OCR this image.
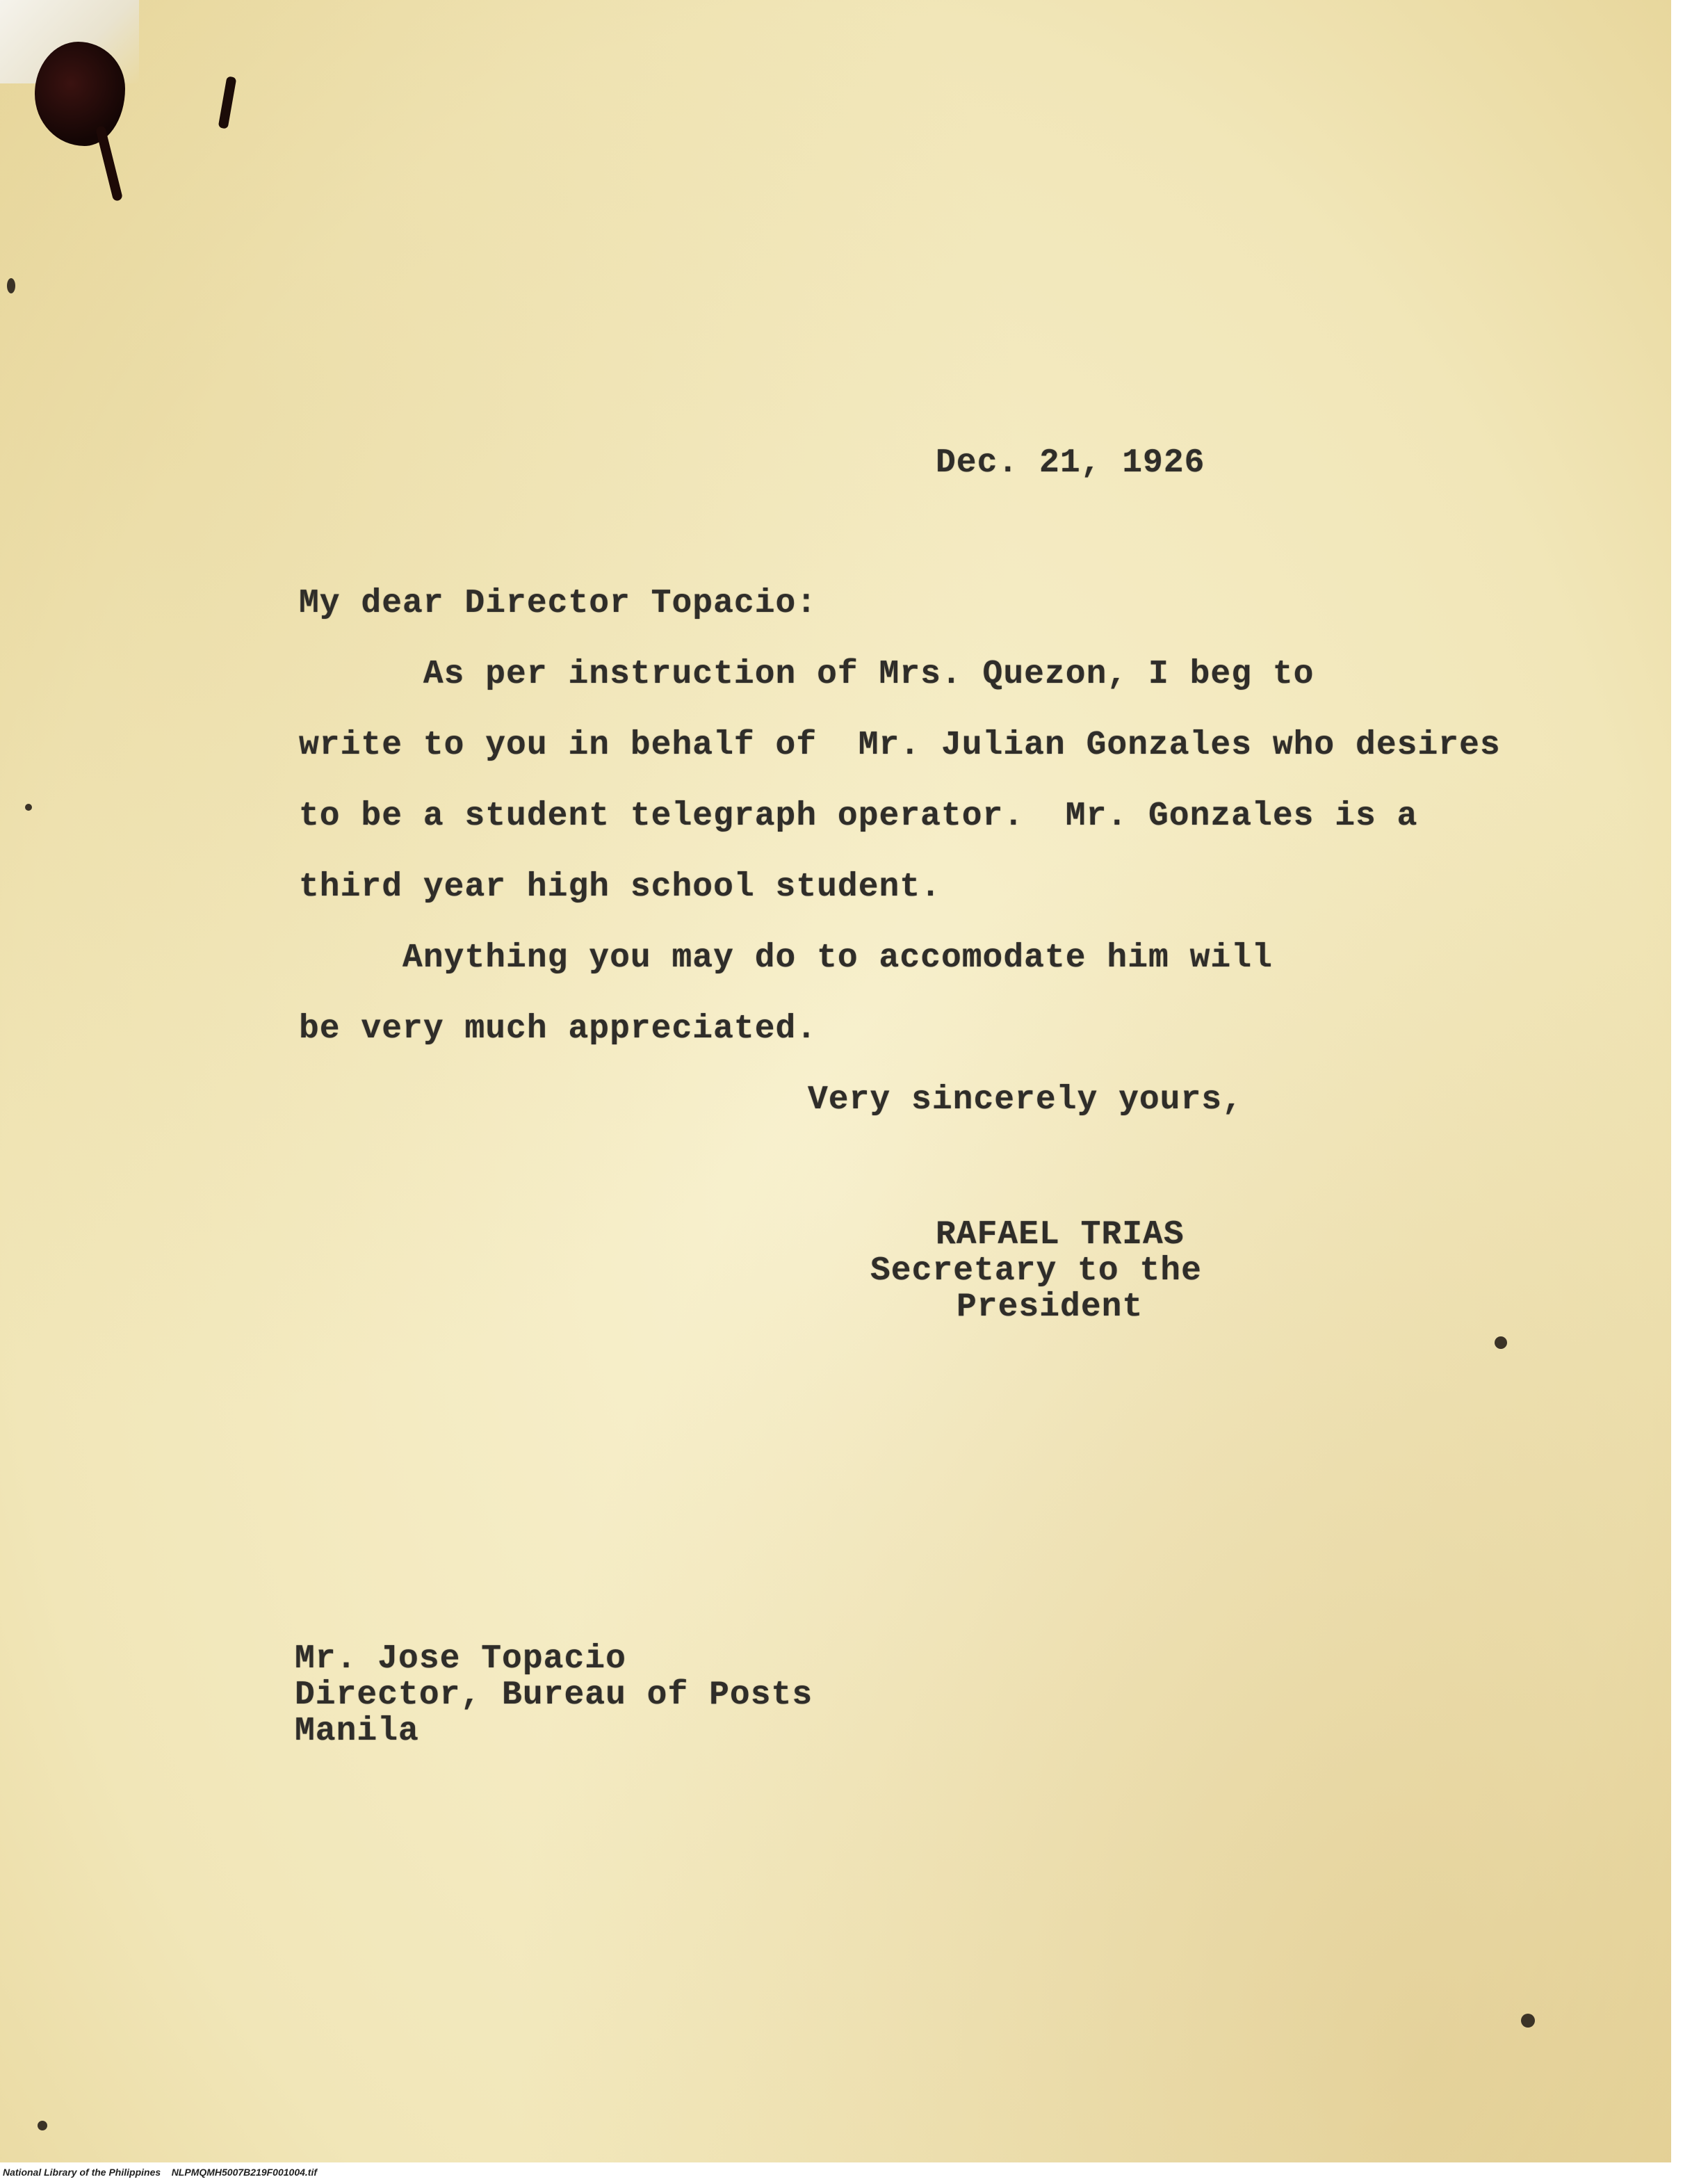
Dec. 21, 1926
My dear Director Topacio:
As per instruction of Mrs. Quezon, I beg to
write to you in behalf of  Mr. Julian Gonzales who desires
to be a student telegraph operator.  Mr. Gonzales is a
third year high school student.
Anything you may do to accomodate him will
be very much appreciated.
Very sincerely yours,
RAFAEL TRIAS
Secretary to the
President
Mr. Jose Topacio
Director, Bureau of Posts
Manila
National Library of the Philippines    NLPMQMH5007B219F001004.tif
